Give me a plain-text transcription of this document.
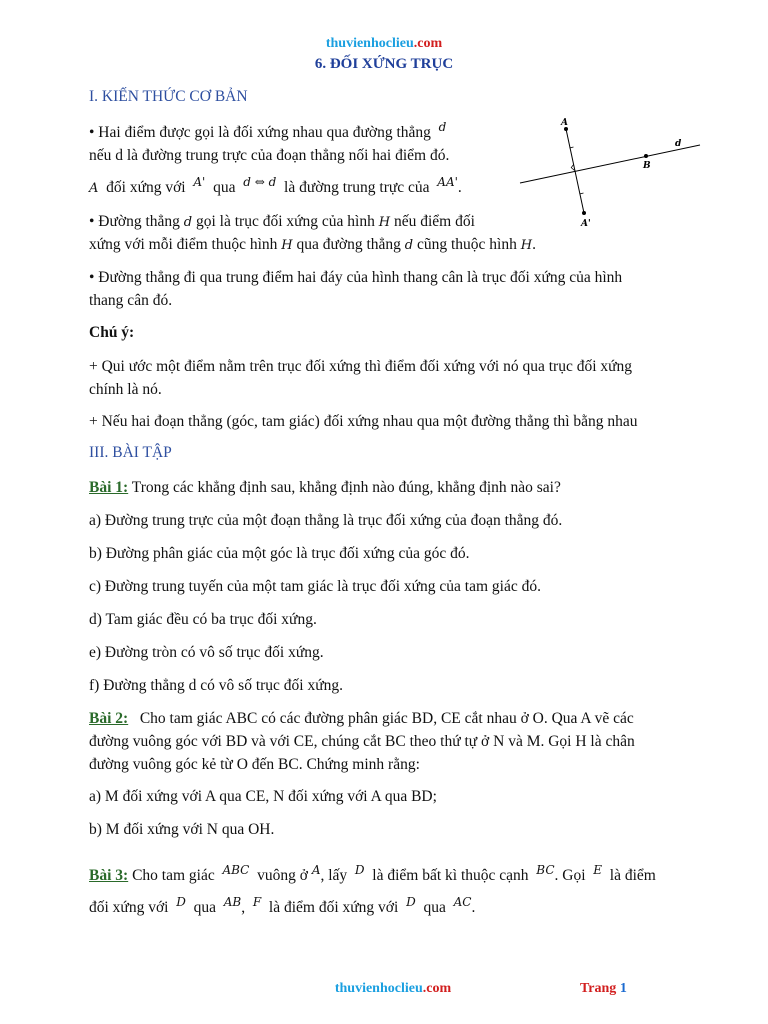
thuvienhoclieu.com
6. ĐỐI XỨNG TRỤC
I. KIẾN THỨC CƠ BẢN
• Hai điểm được gọi là đối xứng nhau qua đường thẳng $^d$
nếu d là đường trung trực của đoạn thẳng nối hai điểm đó.
A đối xứng với $^{A'}$ qua $^{d \Leftrightarrow d}$ là đường trung trực của $^{AA'}$.
• Đường thẳng d gọi là trục đối xứng của hình H nếu điểm đối
xứng với mỗi điểm thuộc hình H qua đường thẳng d cũng thuộc hình H.
• Đường thẳng đi qua trung điểm hai đáy của hình thang cân là trục đối xứng của hình
thang cân đó.
Chú ý:
+ Qui ước một điểm nằm trên trục đối xứng thì điểm đối xứng với nó qua trục đối xứng
chính là nó.
+ Nếu hai đoạn thẳng (góc, tam giác) đối xứng nhau qua một đường thẳng thì bằng nhau
A
d
B
A'
III. BÀI TẬP
Bài 1: Trong các khẳng định sau, khẳng định nào đúng, khẳng định nào sai?
a) Đường trung trực của một đoạn thẳng là trục đối xứng của đoạn thẳng đó.
b) Đường phân giác của một góc là trục đối xứng của góc đó.
c) Đường trung tuyến của một tam giác là trục đối xứng của tam giác đó.
d) Tam giác đều có ba trục đối xứng.
e) Đường tròn có vô số trục đối xứng.
f) Đường thẳng d có vô số trục đối xứng.
Bài 2: Cho tam giác ABC có các đường phân giác BD, CE cắt nhau ở O. Qua A vẽ các
đường vuông góc với BD và với CE, chúng cắt BC theo thứ tự ở N và M. Gọi H là chân
đường vuông góc kẻ từ O đến BC. Chứng minh rằng:
a) M đối xứng với A qua CE, N đối xứng với A qua BD;
b) M đối xứng với N qua OH.
Bài 3: Cho tam giác $^{ABC}$ vuông ở $^A$, lấy $^D$ là điểm bất kì thuộc cạnh $^{BC}$. Gọi $^E$ là điểm
đối xứng với $^D$ qua $^{AB}$, $^F$ là điểm đối xứng với $^D$ qua $^{AC}$.
thuvienhoclieu.com	Trang 1
